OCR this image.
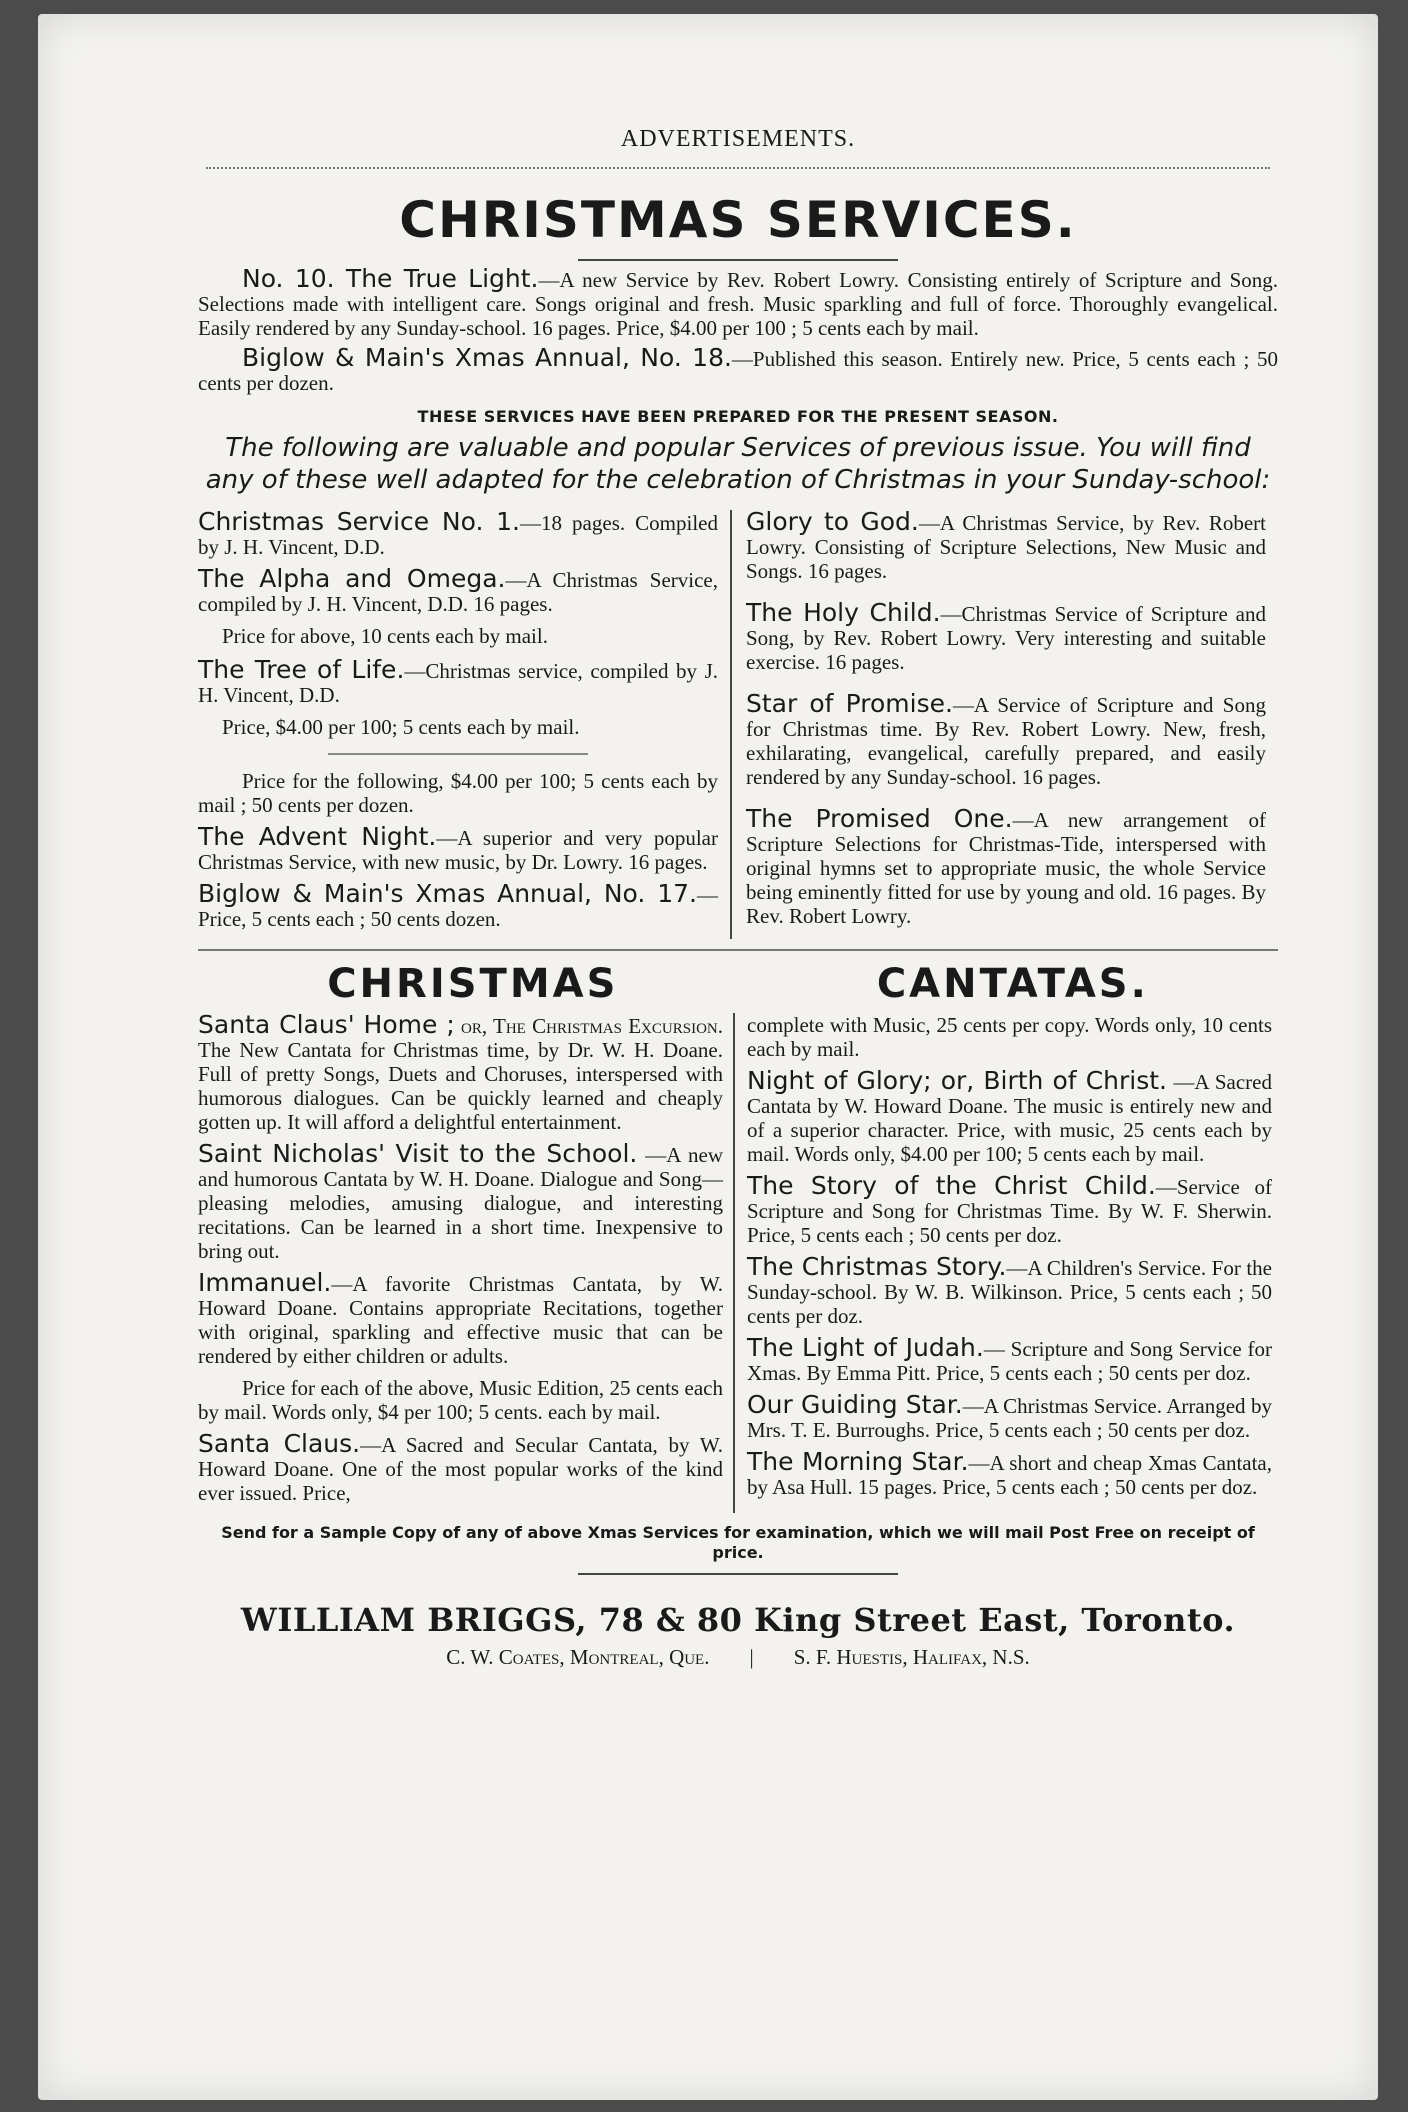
ADVERTISEMENTS.
CHRISTMAS SERVICES.

No. 10. The True Light.—A new Service by Rev. Robert Lowry. Consisting entirely of Scripture and Song. Selections made with intelligent care. Songs original and fresh. Music sparkling and full of force. Thoroughly evangelical. Easily rendered by any Sunday-school. 16 pages. Price, $4.00 per 100 ; 5 cents each by mail.

Biglow & Main's Xmas Annual, No. 18.—Published this season. Entirely new. Price, 5 cents each ; 50 cents per dozen.

THESE SERVICES HAVE BEEN PREPARED FOR THE PRESENT SEASON.
The following are valuable and popular Services of previous issue. You will find any of these well adapted for the celebration of Christmas in your Sunday-school:
Christmas Service No. 1.—18 pages. Compiled by J. H. Vincent, D.D.
The Alpha and Omega.—A Christmas Service, compiled by J. H. Vincent, D.D. 16 pages.
Price for above, 10 cents each by mail.
The Tree of Life.—Christmas service, compiled by J. H. Vincent, D.D.
Price, $4.00 per 100; 5 cents each by mail.
Price for the following, $4.00 per 100; 5 cents each by mail ; 50 cents per dozen.
The Advent Night.—A superior and very popular Christmas Service, with new music, by Dr. Lowry. 16 pages.
Biglow & Main's Xmas Annual, No. 17.—Price, 5 cents each ; 50 cents dozen.
Glory to God.—A Christmas Service, by Rev. Robert Lowry. Consisting of Scripture Selections, New Music and Songs. 16 pages.
The Holy Child.—Christmas Service of Scripture and Song, by Rev. Robert Lowry. Very interesting and suitable exercise. 16 pages.
Star of Promise.—A Service of Scripture and Song for Christmas time. By Rev. Robert Lowry. New, fresh, exhilarating, evangelical, carefully prepared, and easily rendered by any Sunday-school. 16 pages.
The Promised One.—A new arrangement of Scripture Selections for Christmas-Tide, interspersed with original hymns set to appropriate music, the whole Service being eminently fitted for use by young and old. 16 pages. By Rev. Robert Lowry.
CHRISTMAS	CANTATAS.
Santa Claus' Home ; or, The Christmas Excursion. The New Cantata for Christmas time, by Dr. W. H. Doane. Full of pretty Songs, Duets and Choruses, interspersed with humorous dialogues. Can be quickly learned and cheaply gotten up. It will afford a delightful entertainment.
Saint Nicholas' Visit to the School. —A new and humorous Cantata by W. H. Doane. Dialogue and Song—pleasing melodies, amusing dialogue, and interesting recitations. Can be learned in a short time. Inexpensive to bring out.
Immanuel.—A favorite Christmas Cantata, by W. Howard Doane. Contains appropriate Recitations, together with original, sparkling and effective music that can be rendered by either children or adults.
Price for each of the above, Music Edition, 25 cents each by mail. Words only, $4 per 100; 5 cents. each by mail.
Santa Claus.—A Sacred and Secular Cantata, by W. Howard Doane. One of the most popular works of the kind ever issued. Price,
complete with Music, 25 cents per copy. Words only, 10 cents each by mail.
Night of Glory; or, Birth of Christ. —A Sacred Cantata by W. Howard Doane. The music is entirely new and of a superior character. Price, with music, 25 cents each by mail. Words only, $4.00 per 100; 5 cents each by mail.
The Story of the Christ Child.—Service of Scripture and Song for Christmas Time. By W. F. Sherwin. Price, 5 cents each ; 50 cents per doz.
The Christmas Story.—A Children's Service. For the Sunday-school. By W. B. Wilkinson. Price, 5 cents each ; 50 cents per doz.
The Light of Judah.— Scripture and Song Service for Xmas. By Emma Pitt. Price, 5 cents each ; 50 cents per doz.
Our Guiding Star.—A Christmas Service. Arranged by Mrs. T. E. Burroughs. Price, 5 cents each ; 50 cents per doz.
The Morning Star.—A short and cheap Xmas Cantata, by Asa Hull. 15 pages. Price, 5 cents each ; 50 cents per doz.
Send for a Sample Copy of any of above Xmas Services for examination, which we will mail Post Free on receipt of price.
WILLIAM BRIGGS, 78 & 80 King Street East, Toronto.
C. W. Coates, Montreal, Que. | S. F. Huestis, Halifax, N.S.
